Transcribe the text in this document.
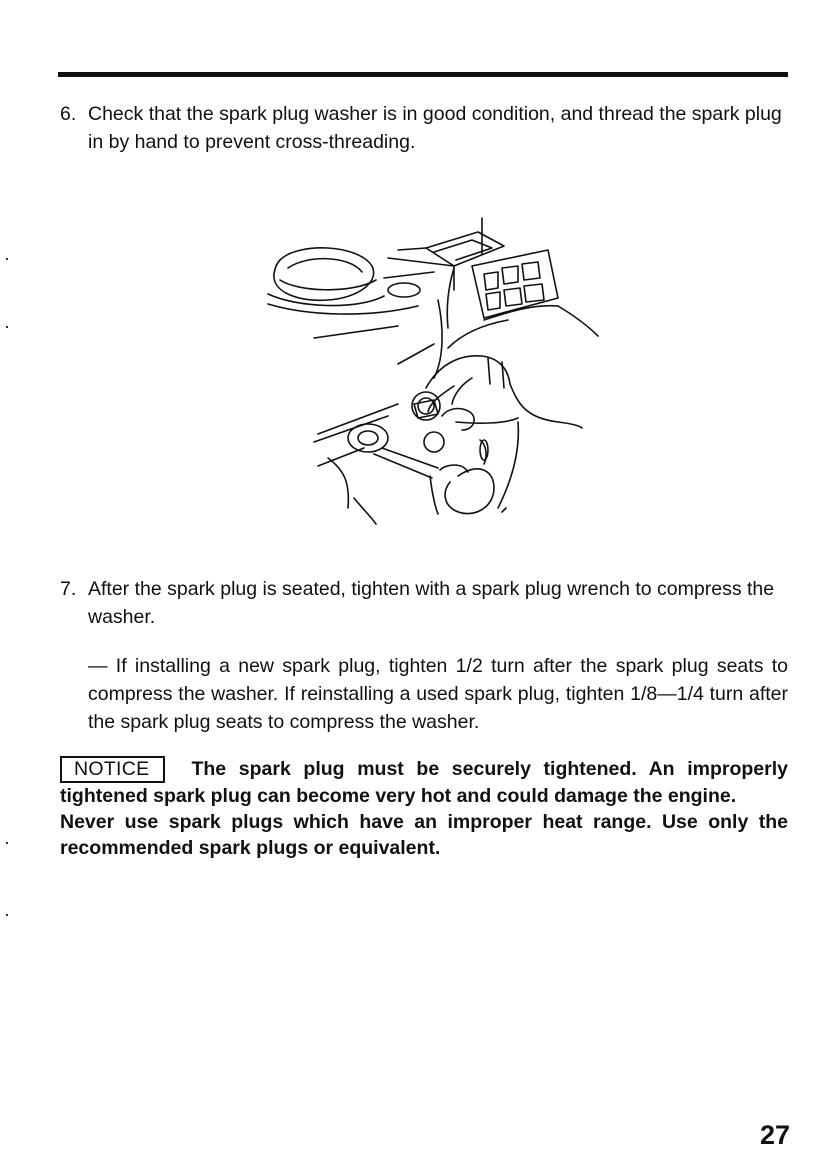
6. Check that the spark plug washer is in good condition, and thread the spark plug in by hand to prevent cross-threading.
7. After the spark plug is seated, tighten with a spark plug wrench to compress the washer.
— If installing a new spark plug, tighten 1/2 turn after the spark plug seats to compress the washer. If reinstalling a used spark plug, tighten 1/8—1/4 turn after the spark plug seats to compress the washer.

NOTICE The spark plug must be securely tightened. An improperly tightened spark plug can become very hot and could damage the engine.

Never use spark plugs which have an improper heat range. Use only the recommended spark plugs or equivalent.

27
